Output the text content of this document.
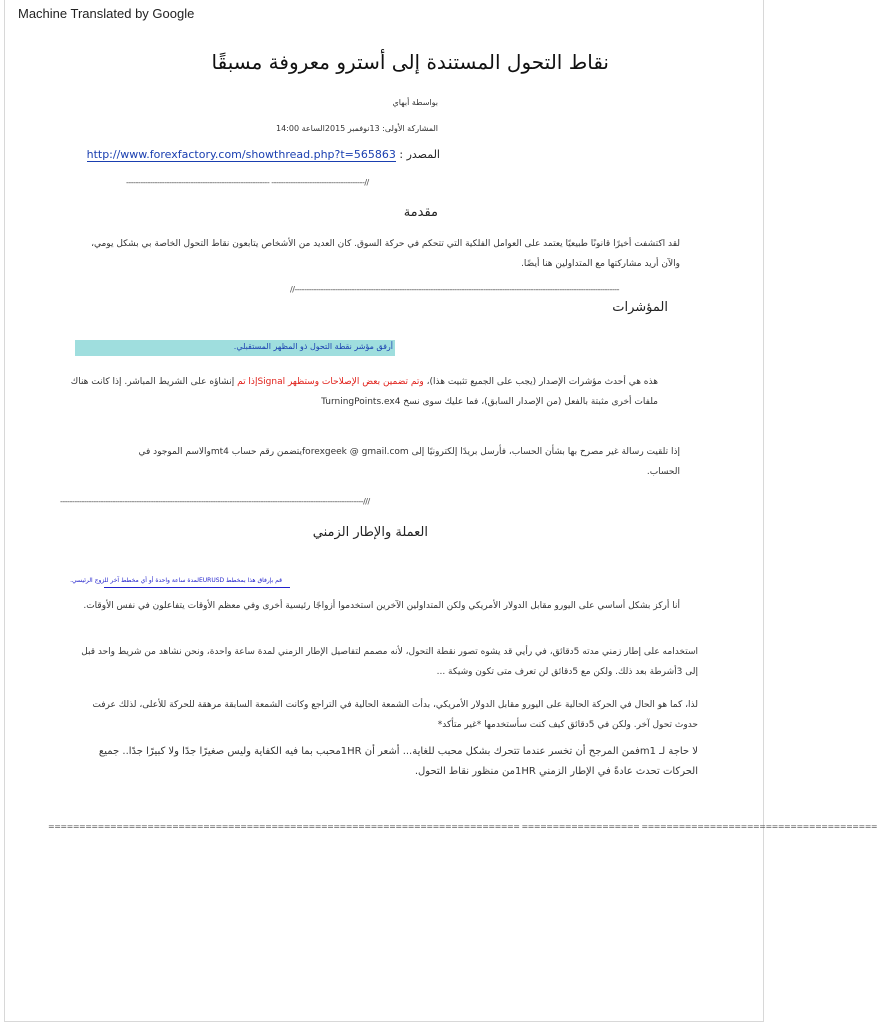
Machine Translated by Google
نقاط التحول المستندة إلى أسترو معروفة مسبقًا
بواسطة أبهاي
المشاركة الأولى: 13نوفمبر 2015الساعة 14:00
المصدر : http://www.forexfactory.com/showthread.php?t=565863
------------------------------------------------------------ ---------------------------------------//
مقدمة
لقد اكتشفت أخيرًا قانونًا طبيعيًا يعتمد على العوامل الفلكية التي تتحكم في حركة السوق. كان العديد من الأشخاص يتابعون نقاط التحول الخاصة بي بشكل يومي، والآن أريد مشاركتها مع المتداولين هنا أيضًا.
//----------------------------------------------------------------------------------------------------------------------------------------
المؤشرات
أرفق مؤشر نقطة التحول ذو المظهر المستقبلي.
هذه هي أحدث مؤشرات الإصدار (يجب على الجميع تثبيت هذا)، وتم تضمين بعض الإصلاحات وستظهر Signalإذا تم إنشاؤه على الشريط المباشر. إذا كانت هناك ملفات أخرى مثبتة بالفعل (من الإصدار السابق)، فما عليك سوى نسخ TurningPoints.ex4
إذا تلقيت رسالة غير مصرح بها بشأن الحساب، فأرسل بريدًا إلكترونيًا إلى forexgeek @ gmail.comيتضمن رقم حساب mt4والاسم الموجود في الحساب.
-------------------------------------------------------------------------------------------------------------------------------///
العملة والإطار الزمني
قم بإرفاق هذا بمخطط EURUSDلمدة ساعة واحدة أو أي مخطط آخر للزوج الرئيسي.
أنا أركز بشكل أساسي على اليورو مقابل الدولار الأمريكي ولكن المتداولين الآخرين استخدموا أزواجًا رئيسية أخرى وفي معظم الأوقات يتفاعلون في نفس الأوقات.
استخدامه على إطار زمني مدته 5دقائق، في رأيي قد يشوه تصور نقطة التحول، لأنه مصمم لتفاصيل الإطار الزمني لمدة ساعة واحدة، ونحن نشاهد من شريط واحد قبل إلى 3أشرطة بعد ذلك. ولكن مع 5دقائق لن تعرف متى تكون وشيكة ...
لذا، كما هو الحال في الحركة الحالية على اليورو مقابل الدولار الأمريكي، بدأت الشمعة الحالية في التراجع وكانت الشمعة السابقة مرهقة للحركة للأعلى، لذلك عرفت حدوث تحول آخر. ولكن في 5دقائق كيف كنت سأستخدمها *غير متأكد*
لا حاجة لـ m1فمن المرجح أن تخسر عندما تتحرك بشكل محبب للغاية... أشعر أن 1HRمحبب بما فيه الكفاية وليس صغيرًا جدًا ولا كبيرًا جدًا.. جميع الحركات تحدث عادةً في الإطار الزمني 1HRمن منظور نقاط التحول.
============================================================================ =================== ======================================
